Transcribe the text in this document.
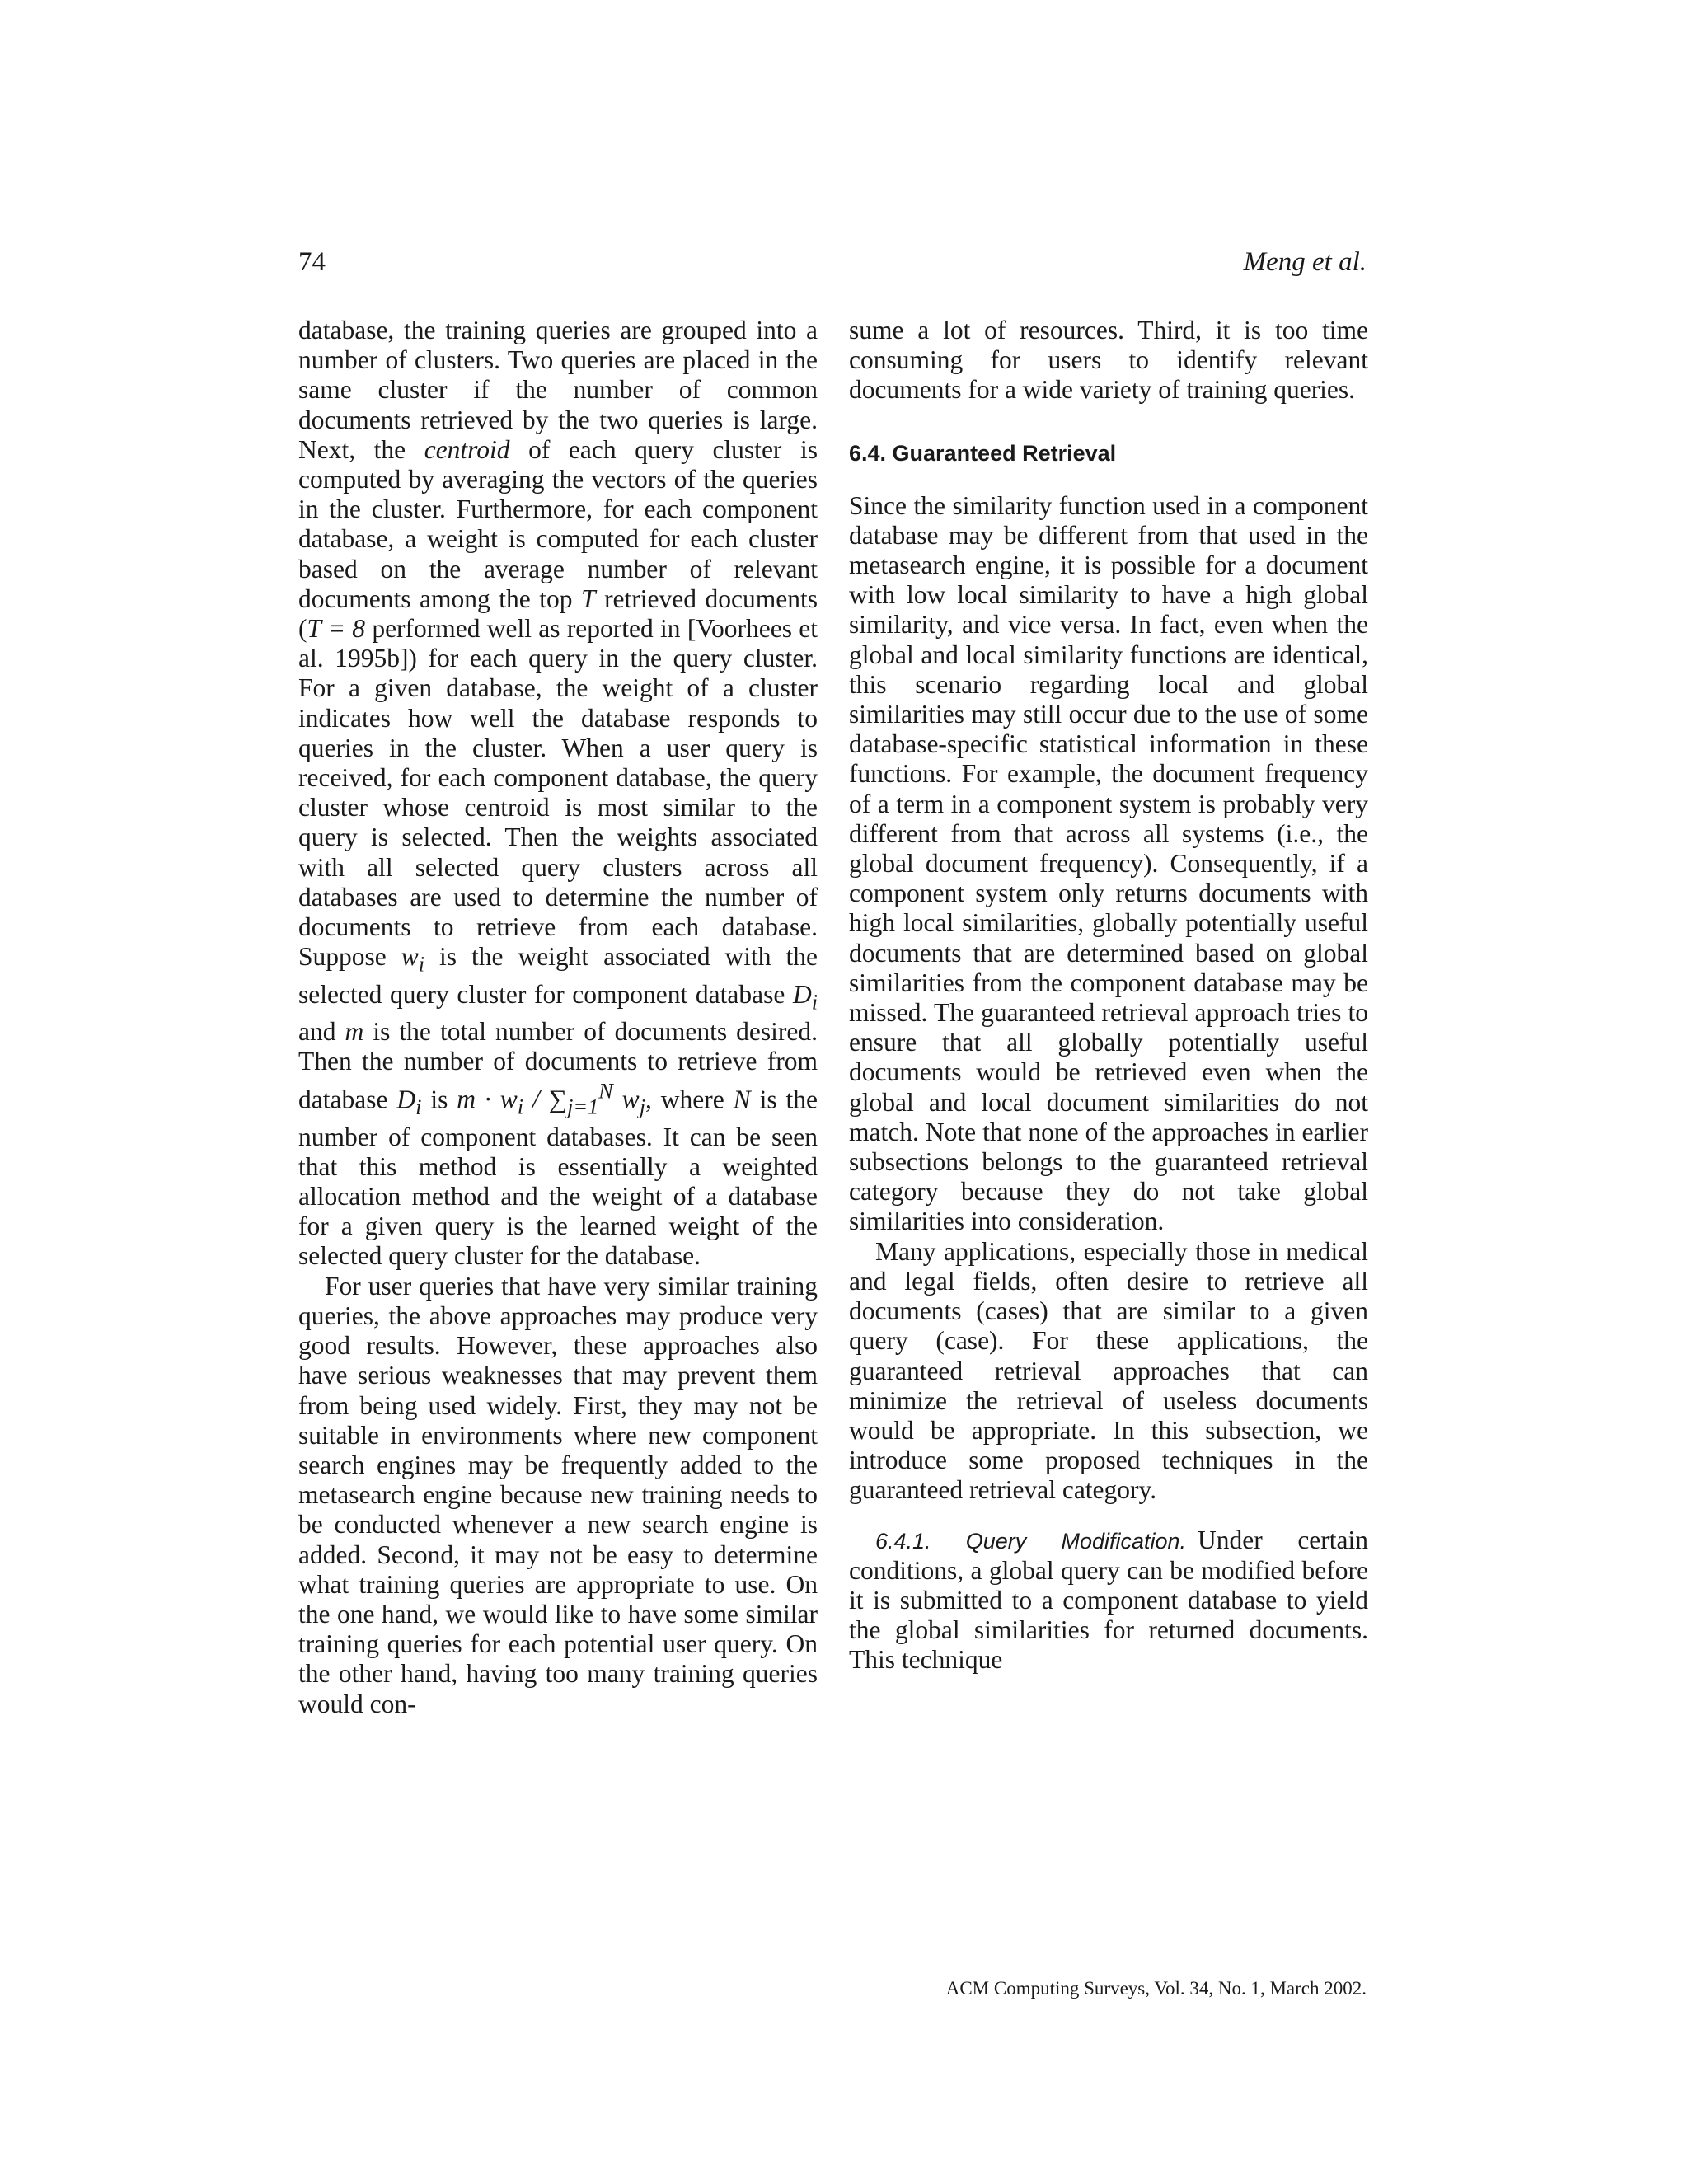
74	Meng et al.

database, the training queries are grouped into a number of clusters. Two queries are placed in the same cluster if the number of common documents retrieved by the two queries is large. Next, the centroid of each query cluster is computed by averaging the vectors of the queries in the cluster. Furthermore, for each component database, a weight is computed for each cluster based on the average number of relevant documents among the top T retrieved documents (T = 8 performed well as reported in [Voorhees et al. 1995b]) for each query in the query cluster. For a given database, the weight of a cluster indicates how well the database responds to queries in the cluster. When a user query is received, for each component database, the query cluster whose centroid is most similar to the query is selected. Then the weights associated with all selected query clusters across all databases are used to determine the number of documents to retrieve from each database. Suppose $w_i$ is the weight associated with the selected query cluster for component database $D_i$ and m is the total number of documents desired. Then the number of documents to retrieve from database $D_i$ is $m \cdot w_i / \sum_{j=1}^N$ $w_j$, where N is the number of component databases. It can be seen that this method is essentially a weighted allocation method and the weight of a database for a given query is the learned weight of the selected query cluster for the database.

For user queries that have very similar training queries, the above approaches may produce very good results. However, these approaches also have serious weaknesses that may prevent them from being used widely. First, they may not be suitable in environments where new component search engines may be frequently added to the metasearch engine because new training needs to be conducted whenever a new search engine is added. Second, it may not be easy to determine what training queries are appropriate to use. On the one hand, we would like to have some similar training queries for each potential user query. On the other hand, having too many training queries would con-

sume a lot of resources. Third, it is too time consuming for users to identify relevant documents for a wide variety of training queries.

6.4. Guaranteed Retrieval

Since the similarity function used in a component database may be different from that used in the metasearch engine, it is possible for a document with low local similarity to have a high global similarity, and vice versa. In fact, even when the global and local similarity functions are identical, this scenario regarding local and global similarities may still occur due to the use of some database-specific statistical information in these functions. For example, the document frequency of a term in a component system is probably very different from that across all systems (i.e., the global document frequency). Consequently, if a component system only returns documents with high local similarities, globally potentially useful documents that are determined based on global similarities from the component database may be missed. The guaranteed retrieval approach tries to ensure that all globally potentially useful documents would be retrieved even when the global and local document similarities do not match. Note that none of the approaches in earlier subsections belongs to the guaranteed retrieval category because they do not take global similarities into consideration.

Many applications, especially those in medical and legal fields, often desire to retrieve all documents (cases) that are similar to a given query (case). For these applications, the guaranteed retrieval approaches that can minimize the retrieval of useless documents would be appropriate. In this subsection, we introduce some proposed techniques in the guaranteed retrieval category.

6.4.1. Query Modification. Under certain conditions, a global query can be modified before it is submitted to a component database to yield the global similarities for returned documents. This technique

ACM Computing Surveys, Vol. 34, No. 1, March 2002.
